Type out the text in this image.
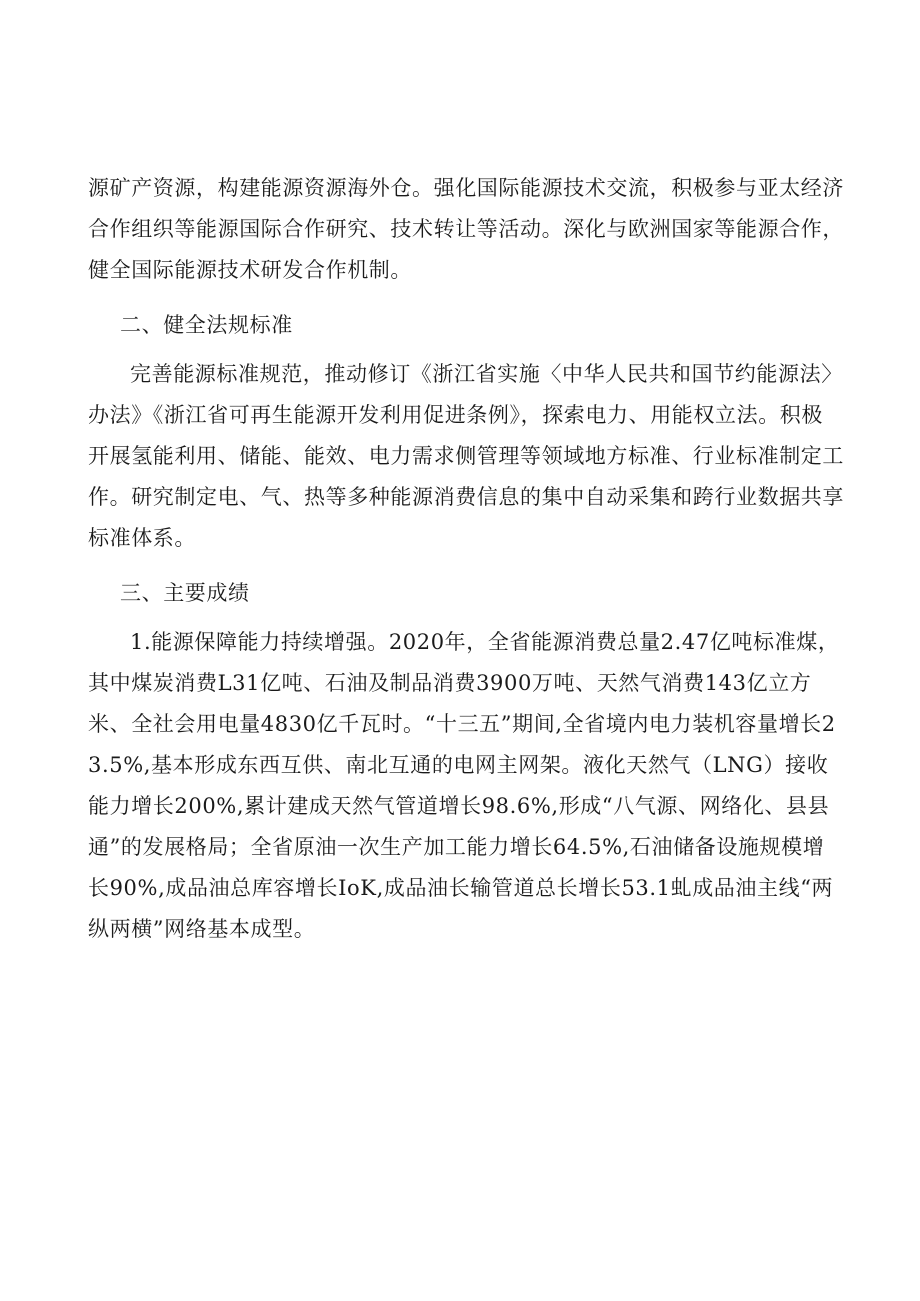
源矿产资源，构建能源资源海外仓。强化国际能源技术交流，积极参与亚太经济合作组织等能源国际合作研究、技术转让等活动。深化与欧洲国家等能源合作，健全国际能源技术研发合作机制。

二、健全法规标准

完善能源标准规范，推动修订《浙江省实施〈中华人民共和国节约能源法〉办法》《浙江省可再生能源开发利用促进条例》，探索电力、用能权立法。积极开展氢能利用、储能、能效、电力需求侧管理等领域地方标准、行业标准制定工作。研究制定电、气、热等多种能源消费信息的集中自动采集和跨行业数据共享标准体系。

三、主要成绩

1.能源保障能力持续增强。2020年，全省能源消费总量2.47亿吨标准煤，其中煤炭消费L31亿吨、石油及制品消费3900万吨、天然气消费143亿立方米、全社会用电量4830亿千瓦时。“十三五”期间,全省境内电力装机容量增长23.5%,基本形成东西互供、南北互通的电网主网架。液化天然气（LNG）接收能力增长200%,累计建成天然气管道增长98.6%,形成“八气源、网络化、县县通”的发展格局；全省原油一次生产加工能力增长64.5%,石油储备设施规模增长90%,成品油总库容增长IoK,成品油长输管道总长增长53.1虬成品油主线“两纵两横”网络基本成型。
